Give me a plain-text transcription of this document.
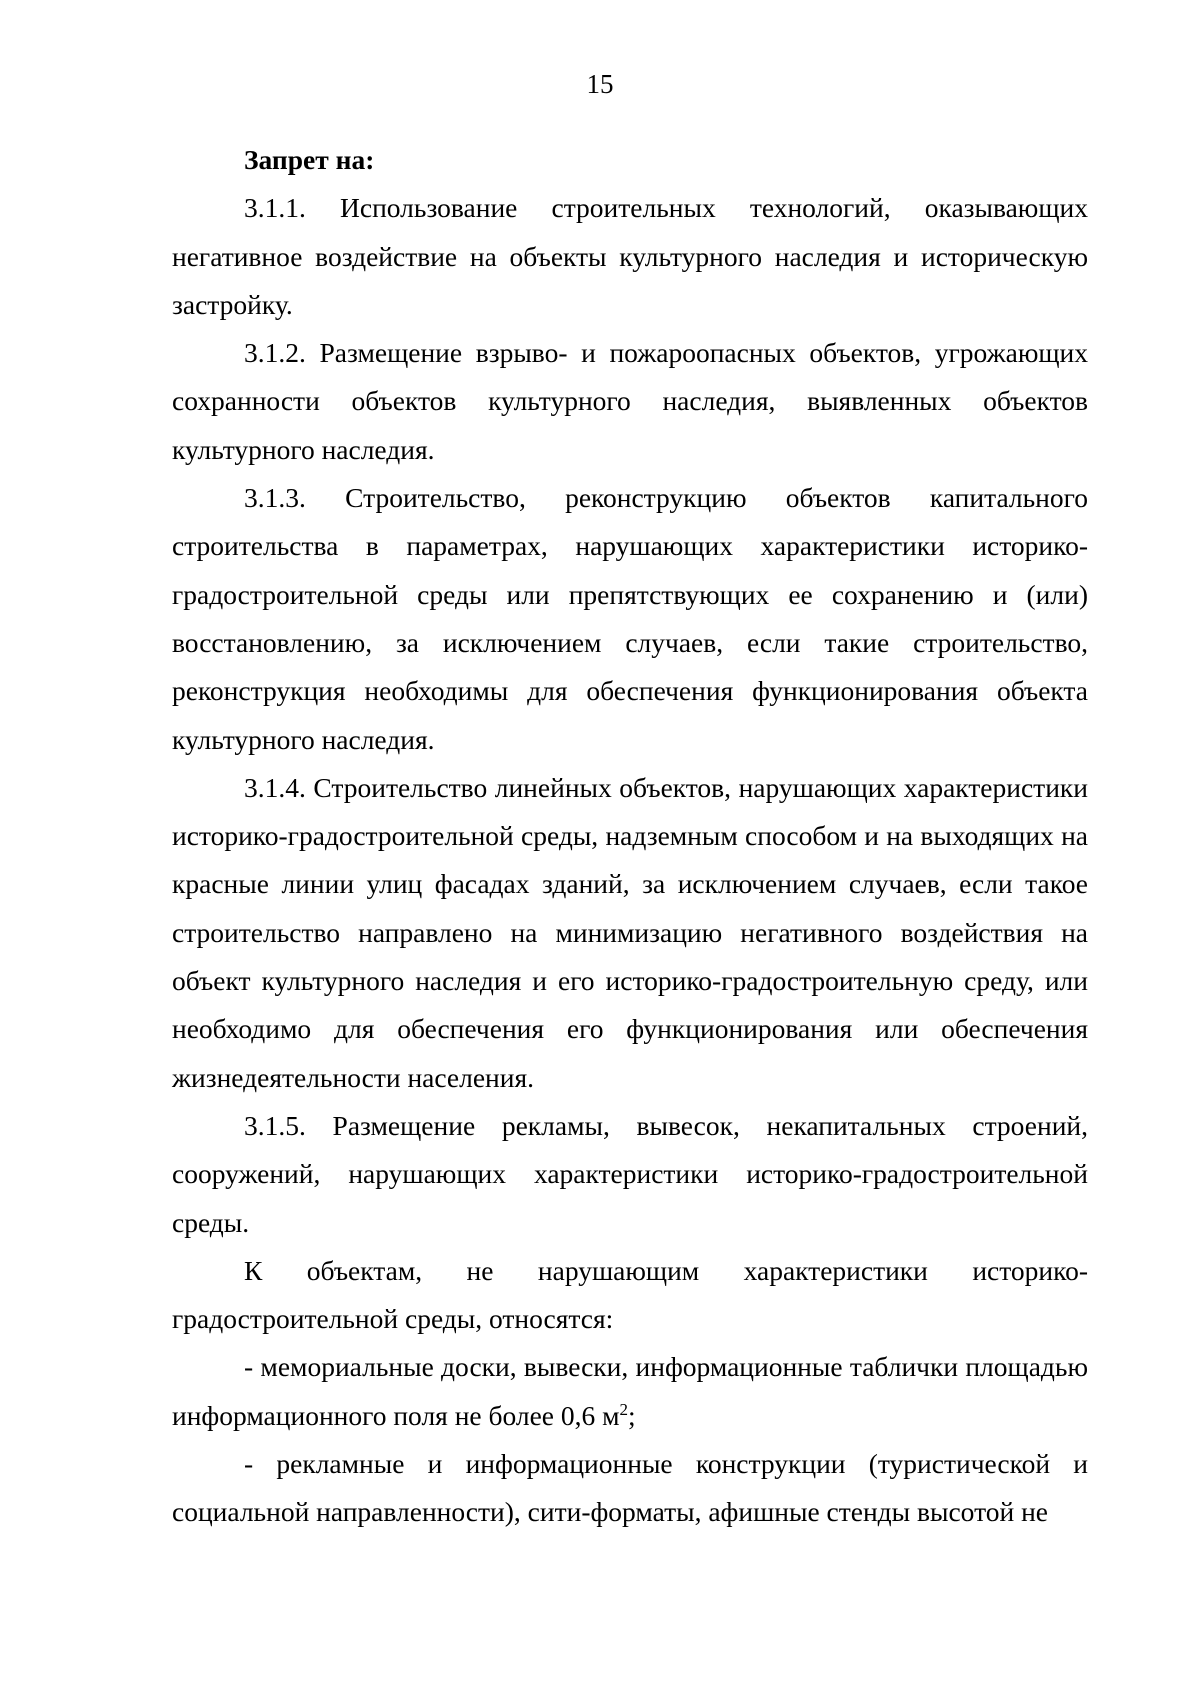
15

Запрет на:

3.1.1. Использование строительных технологий, оказывающих негативное воздействие на объекты культурного наследия и историческую застройку.

3.1.2. Размещение взрыво- и пожароопасных объектов, угрожающих сохранности объектов культурного наследия, выявленных объектов культурного наследия.

3.1.3. Строительство, реконструкцию объектов капитального строительства в параметрах, нарушающих характеристики историко-градостроительной среды или препятствующих ее сохранению и (или) восстановлению, за исключением случаев, если такие строительство, реконструкция необходимы для обеспечения функционирования объекта культурного наследия.

3.1.4. Строительство линейных объектов, нарушающих характеристики историко-градостроительной среды, надземным способом и на выходящих на красные линии улиц фасадах зданий, за исключением случаев, если такое строительство направлено на минимизацию негативного воздействия на объект культурного наследия и его историко-градостроительную среду, или необходимо для обеспечения его функционирования или обеспечения жизнедеятельности населения.

3.1.5. Размещение рекламы, вывесок, некапитальных строений, сооружений, нарушающих характеристики историко-градостроительной среды.

К объектам, не нарушающим характеристики историко-градостроительной среды, относятся:

- мемориальные доски, вывески, информационные таблички площадью информационного поля не более 0,6 $м^2$;

- рекламные и информационные конструкции (туристической и социальной направленности), сити-форматы, афишные стенды высотой не
